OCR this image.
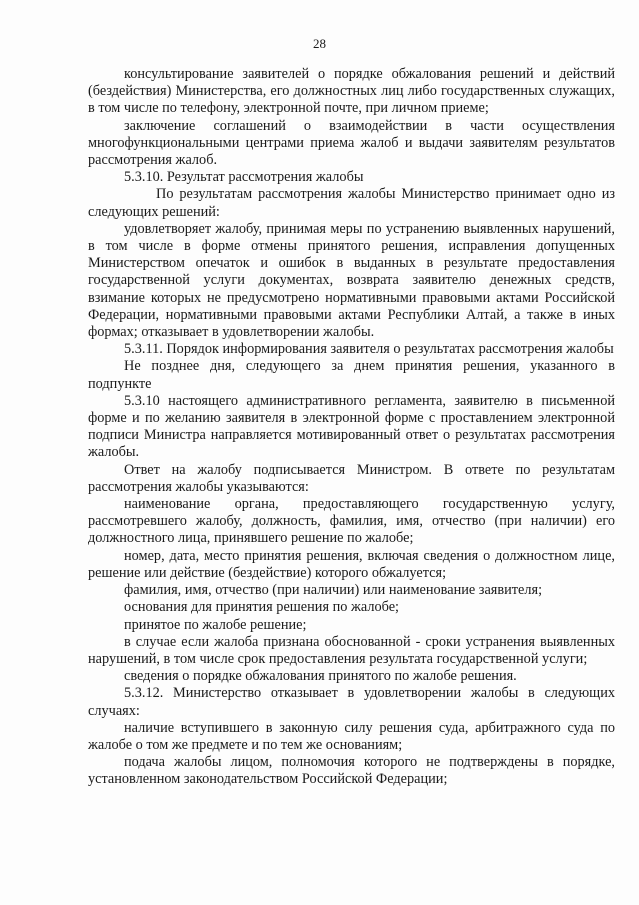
28

консультирование заявителей о порядке обжалования решений и действий (бездействия) Министерства, его должностных лиц либо государственных служащих, в том числе по телефону, электронной почте, при личном приеме;

заключение соглашений о взаимодействии в части осуществления многофункциональными центрами приема жалоб и выдачи заявителям результатов рассмотрения жалоб.

5.3.10. Результат рассмотрения жалобы

По результатам рассмотрения жалобы Министерство принимает одно из следующих решений:

удовлетворяет жалобу, принимая меры по устранению выявленных нарушений, в том числе в форме отмены принятого решения, исправления допущенных Министерством опечаток и ошибок в выданных в результате предоставления государственной услуги документах, возврата заявителю денежных средств, взимание которых не предусмотрено нормативными правовыми актами Российской Федерации, нормативными правовыми актами Республики Алтай, а также в иных формах; отказывает в удовлетворении жалобы.

5.3.11. Порядок информирования заявителя о результатах рассмотрения жалобы

Не позднее дня, следующего за днем принятия решения, указанного в подпункте

5.3.10 настоящего административного регламента, заявителю в письменной форме и по желанию заявителя в электронной форме с проставлением электронной подписи Министра направляется мотивированный ответ о результатах рассмотрения жалобы.

Ответ на жалобу подписывается Министром. В ответе по результатам рассмотрения жалобы указываются:

наименование органа, предоставляющего государственную услугу, рассмотревшего жалобу, должность, фамилия, имя, отчество (при наличии) его должностного лица, принявшего решение по жалобе;

номер, дата, место принятия решения, включая сведения о должностном лице, решение или действие (бездействие) которого обжалуется;

фамилия, имя, отчество (при наличии) или наименование заявителя;

основания для принятия решения по жалобе;

принятое по жалобе решение;

в случае если жалоба признана обоснованной - сроки устранения выявленных нарушений, в том числе срок предоставления результата государственной услуги;

сведения о порядке обжалования принятого по жалобе решения.

5.3.12. Министерство отказывает в удовлетворении жалобы в следующих случаях:

наличие вступившего в законную силу решения суда, арбитражного суда по жалобе о том же предмете и по тем же основаниям;

подача жалобы лицом, полномочия которого не подтверждены в порядке, установленном законодательством Российской Федерации;
